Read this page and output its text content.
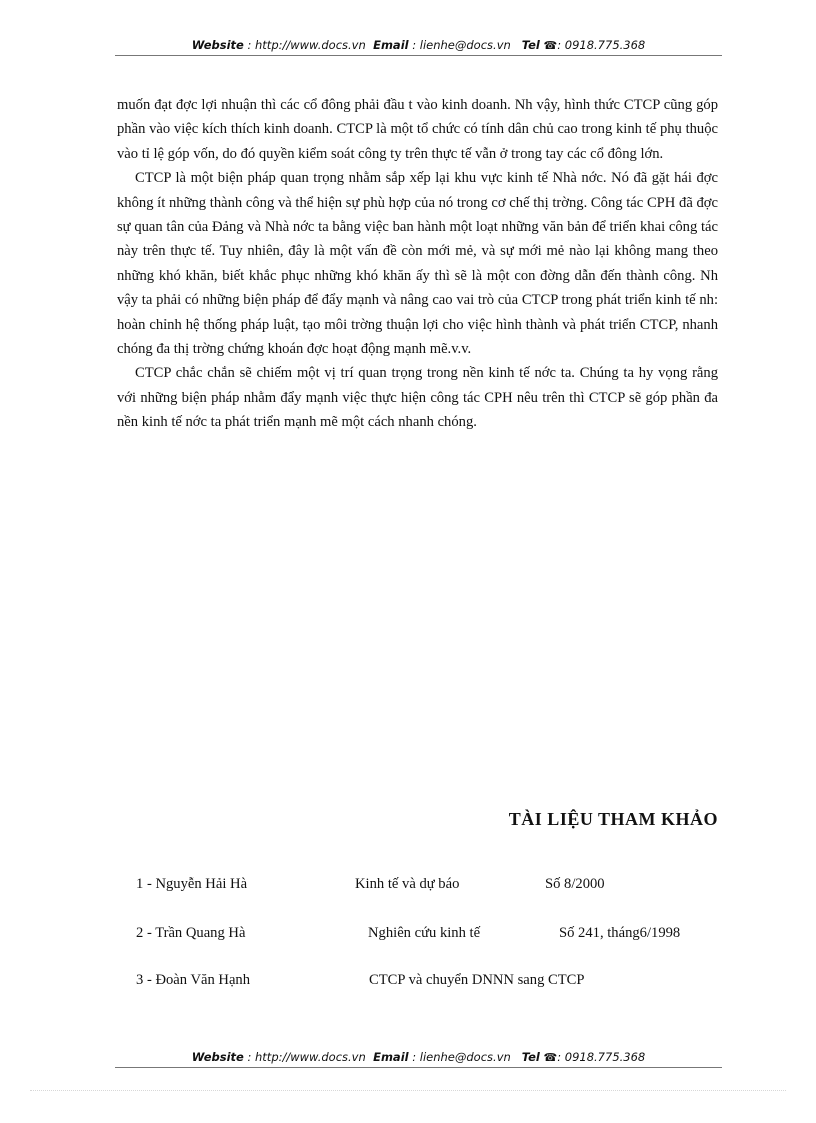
Website : http://www.docs.vn Email : lienhe@docs.vn Tel ☎: 0918.775.368

muốn đạt đợc lợi nhuận thì các cổ đông phải đầu t vào kinh doanh. Nh vậy, hình thức CTCP cũng góp phần vào việc kích thích kinh doanh. CTCP là một tổ chức có tính dân chủ cao trong kinh tế phụ thuộc vào tỉ lệ góp vốn, do đó quyền kiểm soát công ty trên thực tế vẫn ở trong tay các cổ đông lớn.

CTCP là một biện pháp quan trọng nhằm sắp xếp lại khu vực kinh tế Nhà nớc. Nó đã gặt hái đợc không ít những thành công và thể hiện sự phù hợp của nó trong cơ chế thị trờng. Công tác CPH đã đợc sự quan tân của Đảng và Nhà nớc ta bằng việc ban hành một loạt những văn bản để triển khai công tác này trên thực tế. Tuy nhiên, đây là một vấn đề còn mới mẻ, và sự mới mẻ nào lại không mang theo những khó khăn, biết khắc phục những khó khăn ấy thì sẽ là một con đờng dẫn đến thành công. Nh vậy ta phải có những biện pháp để đẩy mạnh và nâng cao vai trò của CTCP trong phát triển kinh tế nh: hoàn chỉnh hệ thống pháp luật, tạo môi trờng thuận lợi cho việc hình thành và phát triển CTCP, nhanh chóng đa thị trờng chứng khoán đợc hoạt động mạnh mẽ.v.v.

CTCP chắc chắn sẽ chiếm một vị trí quan trọng trong nền kinh tế nớc ta. Chúng ta hy vọng rằng với những biện pháp nhằm đẩy mạnh việc thực hiện công tác CPH nêu trên thì CTCP sẽ góp phần đa nền kinh tế nớc ta phát triển mạnh mẽ một cách nhanh chóng.

TÀI LIỆU THAM KHẢO
1 - Nguyễn Hải Hà	Kinh tế và dự báo	Số 8/2000
2 - Trần Quang Hà	Nghiên cứu kinh tế	Số 241, tháng6/1998
3 - Đoàn Văn Hạnh	CTCP và chuyển DNNN sang CTCP
Website : http://www.docs.vn Email : lienhe@docs.vn Tel ☎: 0918.775.368
